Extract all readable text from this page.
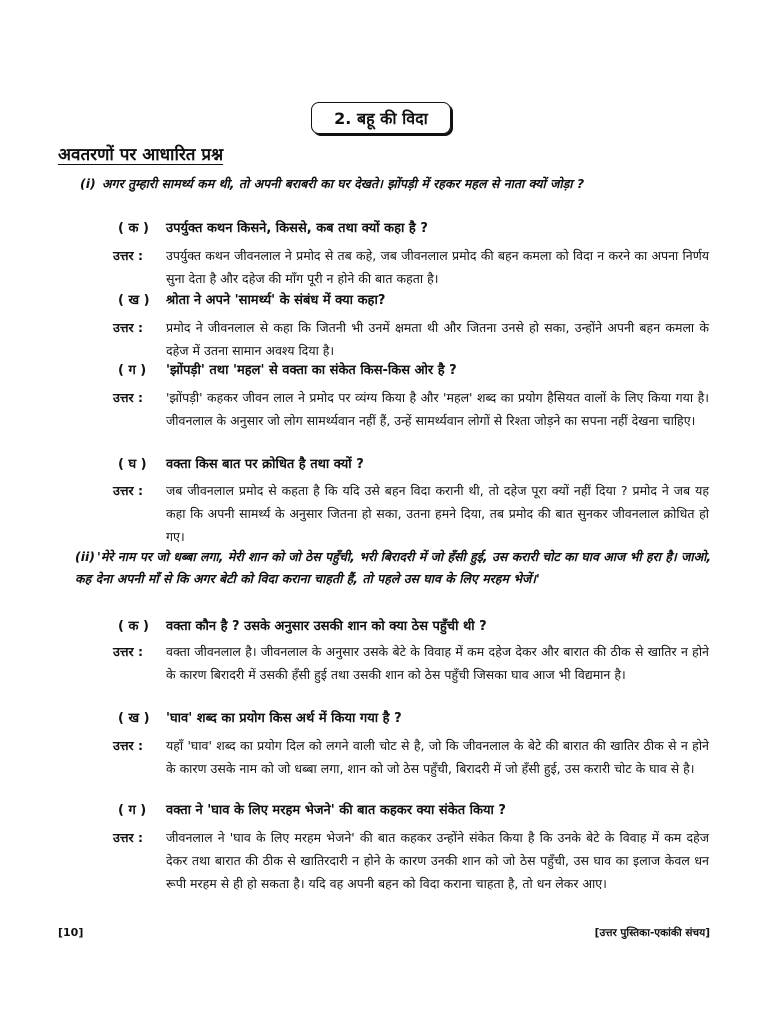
2. बहू की विदा
अवतरणों पर आधारित प्रश्न
(i) अगर तुम्हारी सामर्थ्य कम थी, तो अपनी बराबरी का घर देखते। झोंपड़ी में रहकर महल से नाता क्यों जोड़ा ?
( क ) उपर्युक्त कथन किसने, किससे, कब तथा क्यों कहा है ?
उत्तर : उपर्युक्त कथन जीवनलाल ने प्रमोद से तब कहे, जब जीवनलाल प्रमोद की बहन कमला को विदा न करने का अपना निर्णय सुना देता है और दहेज की माँग पूरी न होने की बात कहता है।
( ख ) श्रोता ने अपने 'सामर्थ्य' के संबंध में क्या कहा?
उत्तर : प्रमोद ने जीवनलाल से कहा कि जितनी भी उनमें क्षमता थी और जितना उनसे हो सका, उन्होंने अपनी बहन कमला के दहेज में उतना सामान अवश्य दिया है।
( ग ) 'झोंपड़ी' तथा 'महल' से वक्ता का संकेत किस-किस ओर है ?
उत्तर : 'झोंपड़ी' कहकर जीवन लाल ने प्रमोद पर व्यंग्य किया है और 'महल' शब्द का प्रयोग हैसियत वालों के लिए किया गया है। जीवनलाल के अनुसार जो लोग सामर्थ्यवान नहीं हैं, उन्हें सामर्थ्यवान लोगों से रिश्ता जोड़ने का सपना नहीं देखना चाहिए।
( घ ) वक्ता किस बात पर क्रोधित है तथा क्यों ?
उत्तर : जब जीवनलाल प्रमोद से कहता है कि यदि उसे बहन विदा करानी थी, तो दहेज पूरा क्यों नहीं दिया ? प्रमोद ने जब यह कहा कि अपनी सामर्थ्य के अनुसार जितना हो सका, उतना हमने दिया, तब प्रमोद की बात सुनकर जीवनलाल क्रोधित हो गए।
(ii) 'मेरे नाम पर जो धब्बा लगा, मेरी शान को जो ठेस पहुँची, भरी बिरादरी में जो हँसी हुई, उस करारी चोट का घाव आज भी हरा है। जाओ, कह देना अपनी माँ से कि अगर बेटी को विदा कराना चाहती हैं, तो पहले उस घाव के लिए मरहम भेजें।'
( क ) वक्ता कौन है ? उसके अनुसार उसकी शान को क्या ठेस पहुँची थी ?
उत्तर : वक्ता जीवनलाल है। जीवनलाल के अनुसार उसके बेटे के विवाह में कम दहेज देकर और बारात की ठीक से खातिर न होने के कारण बिरादरी में उसकी हँसी हुई तथा उसकी शान को ठेस पहुँची जिसका घाव आज भी विद्यमान है।
( ख ) 'घाव' शब्द का प्रयोग किस अर्थ में किया गया है ?
उत्तर : यहाँ 'घाव' शब्द का प्रयोग दिल को लगने वाली चोट से है, जो कि जीवनलाल के बेटे की बारात की खातिर ठीक से न होने के कारण उसके नाम को जो धब्बा लगा, शान को जो ठेस पहुँची, बिरादरी में जो हँसी हुई, उस करारी चोट के घाव से है।
( ग ) वक्ता ने 'घाव के लिए मरहम भेजने' की बात कहकर क्या संकेत किया ?
उत्तर : जीवनलाल ने 'घाव के लिए मरहम भेजने' की बात कहकर उन्होंने संकेत किया है कि उनके बेटे के विवाह में कम दहेज देकर तथा बारात की ठीक से खातिरदारी न होने के कारण उनकी शान को जो ठेस पहुँची, उस घाव का इलाज केवल धन रूपी मरहम से ही हो सकता है। यदि वह अपनी बहन को विदा कराना चाहता है, तो धन लेकर आए।
[10]	[उत्तर पुस्तिका-एकांकी संचय]
